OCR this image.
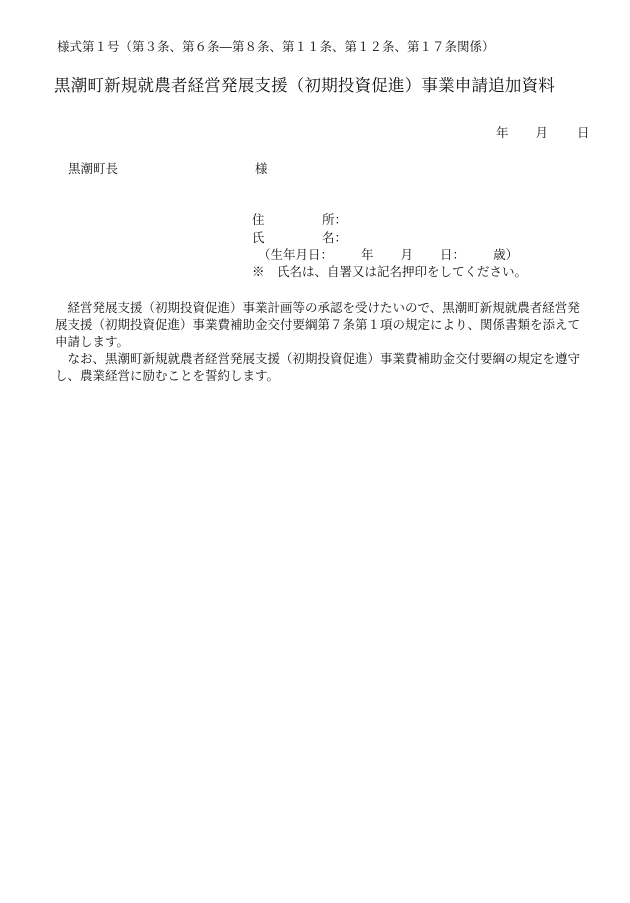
様式第１号（第３条、第６条―第８条、第１１条、第１２条、第１７条関係）
黒潮町新規就農者経営発展支援（初期投資促進）事業申請追加資料
年 月 日
黒潮町長	様
住	所：
氏	名：
（生年月日： 年 月 日： 歳）
※　氏名は、自署又は記名押印をしてください。

経営発展支援（初期投資促進）事業計画等の承認を受けたいので、黒潮町新規就農者経営発展支援（初期投資促進）事業費補助金交付要綱第７条第１項の規定により、関係書類を添えて申請します。

なお、黒潮町新規就農者経営発展支援（初期投資促進）事業費補助金交付要綱の規定を遵守し、農業経営に励むことを誓約します。
